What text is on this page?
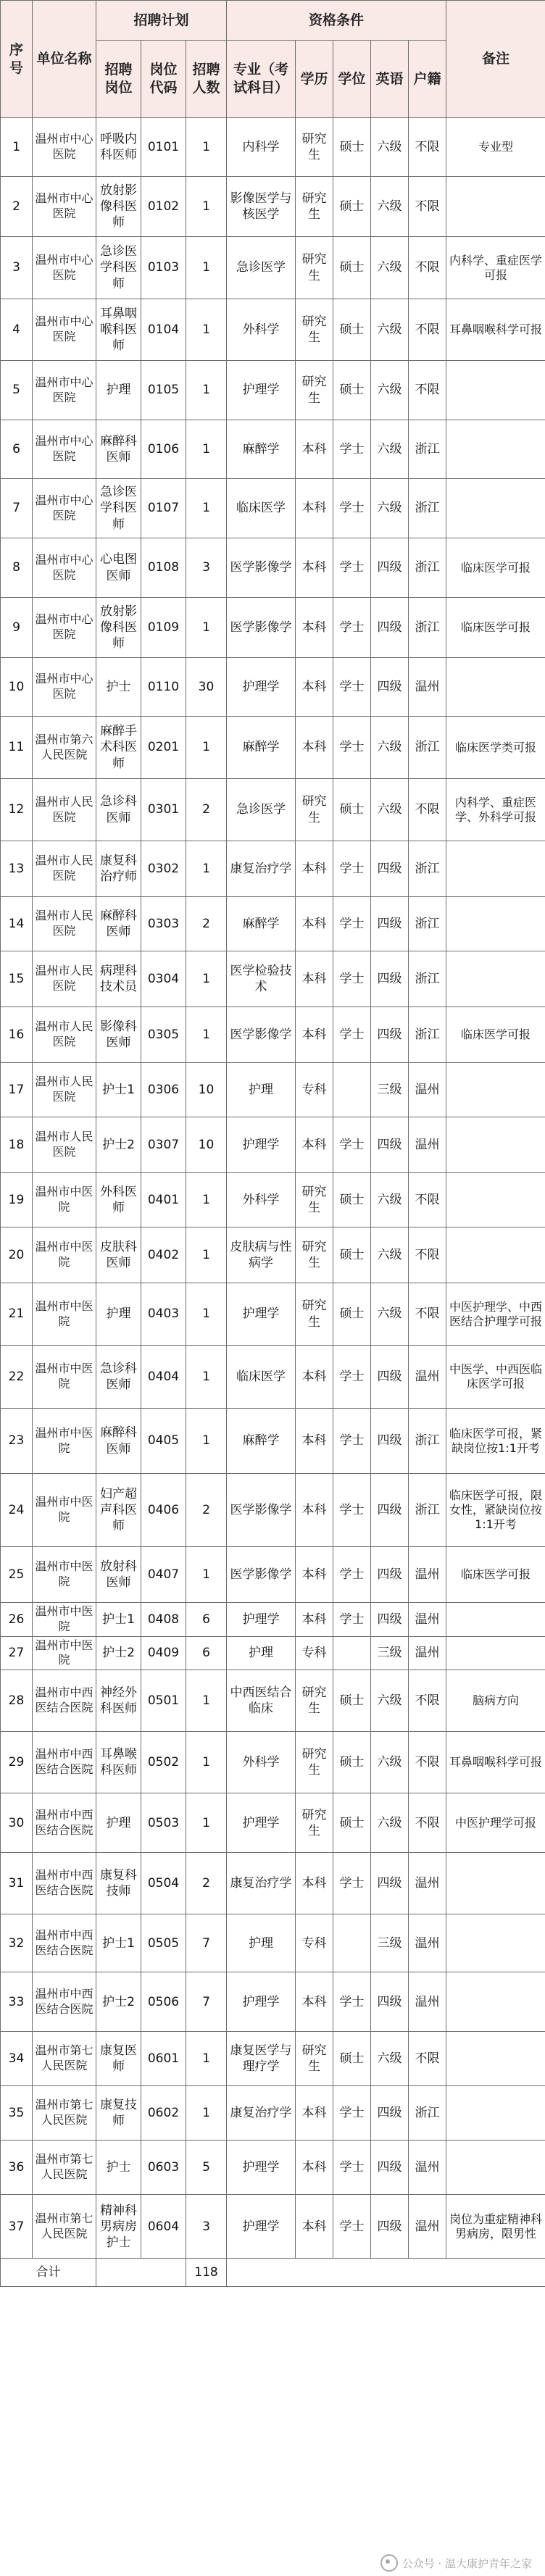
序号	单位名称	招聘计划			资格条件					备注
		招聘岗位	岗位代码	招聘人数	专业（考试科目）	学历	学位	英语	户籍	
1	温州市中心医院	呼吸内科医师	0101	1	内科学	研究生	硕士	六级	不限	专业型
2	温州市中心医院	放射影像科医师	0102	1	影像医学与核医学	研究生	硕士	六级	不限	
3	温州市中心医院	急诊医学科医师	0103	1	急诊医学	研究生	硕士	六级	不限	内科学、重症医学可报
4	温州市中心医院	耳鼻咽喉科医师	0104	1	外科学	研究生	硕士	六级	不限	耳鼻咽喉科学可报
5	温州市中心医院	护理	0105	1	护理学	研究生	硕士	六级	不限	
6	温州市中心医院	麻醉科医师	0106	1	麻醉学	本科	学士	六级	浙江	
7	温州市中心医院	急诊医学科医师	0107	1	临床医学	本科	学士	六级	浙江	
8	温州市中心医院	心电图医师	0108	3	医学影像学	本科	学士	四级	浙江	临床医学可报
9	温州市中心医院	放射影像科医师	0109	1	医学影像学	本科	学士	四级	浙江	临床医学可报
10	温州市中心医院	护士	0110	30	护理学	本科	学士	四级	温州	
11	温州市第六人民医院	麻醉手术科医师	0201	1	麻醉学	本科	学士	六级	浙江	临床医学类可报
12	温州市人民医院	急诊科医师	0301	2	急诊医学	研究生	硕士	六级	不限	内科学、重症医学、外科学可报
13	温州市人民医院	康复科治疗师	0302	1	康复治疗学	本科	学士	四级	浙江	
14	温州市人民医院	麻醉科医师	0303	2	麻醉学	本科	学士	四级	浙江	
15	温州市人民医院	病理科技术员	0304	1	医学检验技术	本科	学士	四级	浙江	
16	温州市人民医院	影像科医师	0305	1	医学影像学	本科	学士	四级	浙江	临床医学可报
17	温州市人民医院	护士1	0306	10	护理	专科		三级	温州	
18	温州市人民医院	护士2	0307	10	护理学	本科	学士	四级	温州	
19	温州市中医院	外科医师	0401	1	外科学	研究生	硕士	六级	不限	
20	温州市中医院	皮肤科医师	0402	1	皮肤病与性病学	研究生	硕士	六级	不限	
21	温州市中医院	护理	0403	1	护理学	研究生	硕士	六级	不限	中医护理学、中西医结合护理学可报
22	温州市中医院	急诊科医师	0404	1	临床医学	本科	学士	四级	温州	中医学、中西医临床医学可报
23	温州市中医院	麻醉科医师	0405	1	麻醉学	本科	学士	四级	浙江	临床医学可报，紧缺岗位按1:1开考
24	温州市中医院	妇产超声科医师	0406	2	医学影像学	本科	学士	四级	浙江	临床医学可报，限女性，紧缺岗位按1:1开考
25	温州市中医院	放射科医师	0407	1	医学影像学	本科	学士	四级	温州	临床医学可报
26	温州市中医院	护士1	0408	6	护理学	本科	学士	四级	温州	
27	温州市中医院	护士2	0409	6	护理	专科		三级	温州	
28	温州市中西医结合医院	神经外科医师	0501	1	中西医结合临床	研究生	硕士	六级	不限	脑病方向
29	温州市中西医结合医院	耳鼻喉科医师	0502	1	外科学	研究生	硕士	六级	不限	耳鼻咽喉科学可报
30	温州市中西医结合医院	护理	0503	1	护理学	研究生	硕士	六级	不限	中医护理学可报
31	温州市中西医结合医院	康复科技师	0504	2	康复治疗学	本科	学士	四级	温州	
32	温州市中西医结合医院	护士1	0505	7	护理	专科		三级	温州	
33	温州市中西医结合医院	护士2	0506	7	护理学	本科	学士	四级	温州	
34	温州市第七人民医院	康复医师	0601	1	康复医学与理疗学	研究生	硕士	六级	不限	
35	温州市第七人民医院	康复技师	0602	1	康复治疗学	本科	学士	四级	浙江	
36	温州市第七人民医院	护士	0603	5	护理学	本科	学士	四级	温州	
37	温州市第七人民医院	精神科男病房护士	0604	3	护理学	本科	学士	四级	温州	岗位为重症精神科男病房，限男性
合计				118						
公众号 · 温大康护青年之家
